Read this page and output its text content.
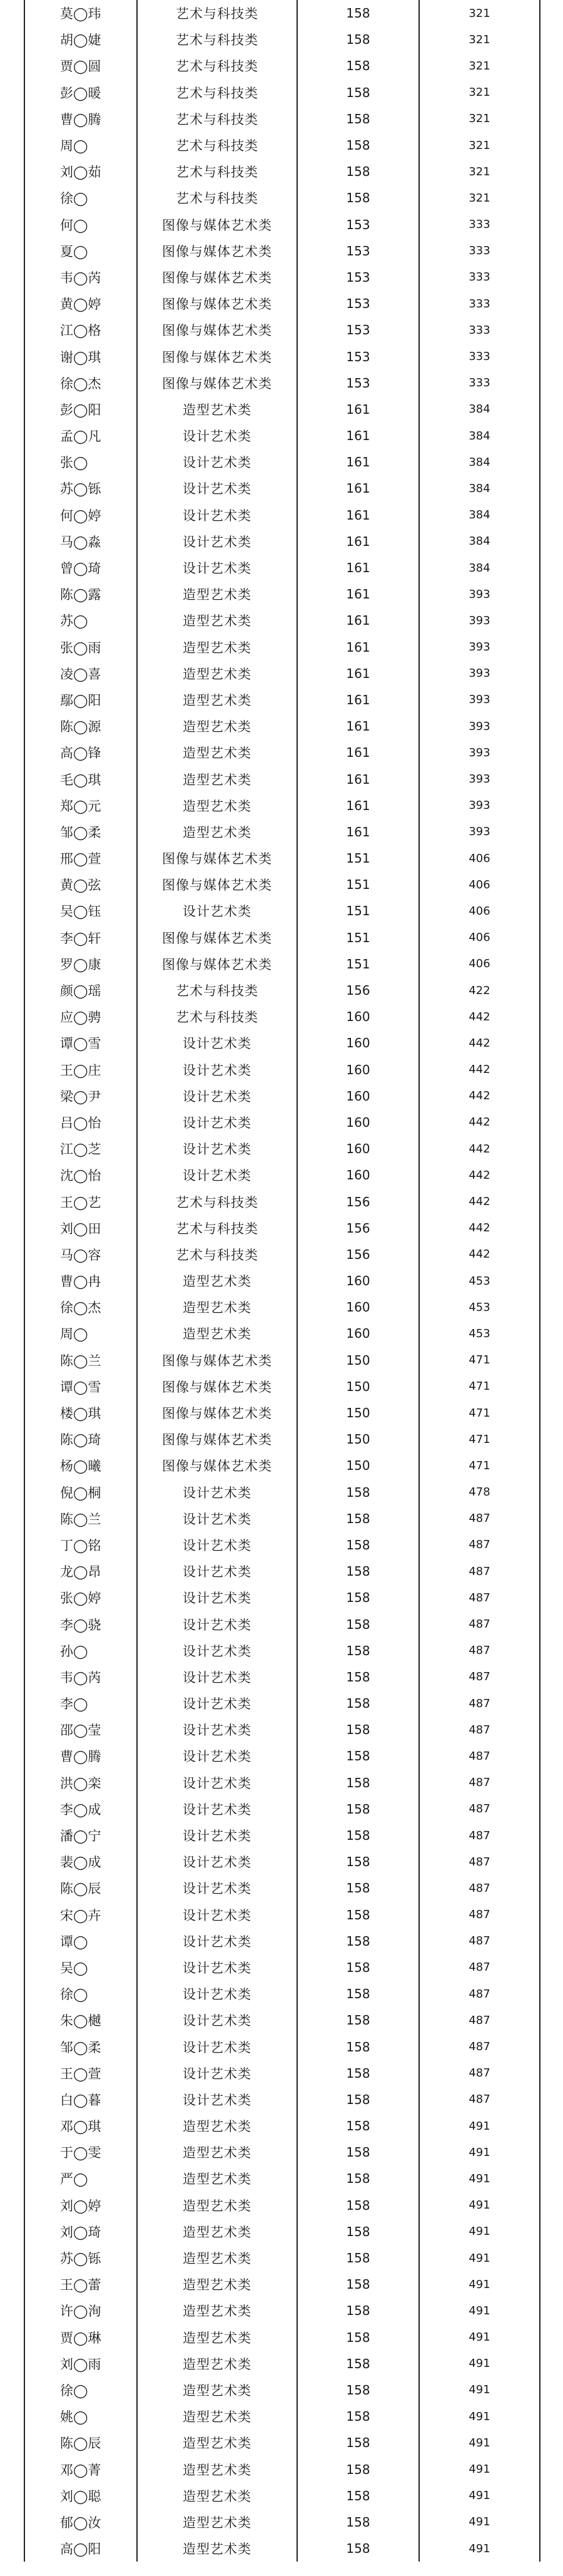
莫◯玮	艺术与科技类	158	321
胡◯婕	艺术与科技类	158	321
贾◯圆	艺术与科技类	158	321
彭◯暖	艺术与科技类	158	321
曹◯腾	艺术与科技类	158	321
周◯	艺术与科技类	158	321
刘◯茹	艺术与科技类	158	321
徐◯	艺术与科技类	158	321
何◯	图像与媒体艺术类	153	333
夏◯	图像与媒体艺术类	153	333
韦◯芮	图像与媒体艺术类	153	333
黄◯婷	图像与媒体艺术类	153	333
江◯格	图像与媒体艺术类	153	333
谢◯琪	图像与媒体艺术类	153	333
徐◯杰	图像与媒体艺术类	153	333
彭◯阳	造型艺术类	161	384
孟◯凡	设计艺术类	161	384
张◯	设计艺术类	161	384
苏◯铄	设计艺术类	161	384
何◯婷	设计艺术类	161	384
马◯淼	设计艺术类	161	384
曾◯琦	设计艺术类	161	384
陈◯露	造型艺术类	161	393
苏◯	造型艺术类	161	393
张◯雨	造型艺术类	161	393
凌◯喜	造型艺术类	161	393
鄢◯阳	造型艺术类	161	393
陈◯源	造型艺术类	161	393
高◯锋	造型艺术类	161	393
毛◯琪	造型艺术类	161	393
郑◯元	造型艺术类	161	393
邹◯柔	造型艺术类	161	393
邢◯萱	图像与媒体艺术类	151	406
黄◯弦	图像与媒体艺术类	151	406
吴◯钰	设计艺术类	151	406
李◯轩	图像与媒体艺术类	151	406
罗◯康	图像与媒体艺术类	151	406
颜◯瑶	艺术与科技类	156	422
应◯骋	艺术与科技类	160	442
谭◯雪	设计艺术类	160	442
王◯庄	设计艺术类	160	442
梁◯尹	设计艺术类	160	442
吕◯怡	设计艺术类	160	442
江◯芝	设计艺术类	160	442
沈◯怡	设计艺术类	160	442
王◯艺	艺术与科技类	156	442
刘◯田	艺术与科技类	156	442
马◯容	艺术与科技类	156	442
曹◯冉	造型艺术类	160	453
徐◯杰	造型艺术类	160	453
周◯	造型艺术类	160	453
陈◯兰	图像与媒体艺术类	150	471
谭◯雪	图像与媒体艺术类	150	471
楼◯琪	图像与媒体艺术类	150	471
陈◯琦	图像与媒体艺术类	150	471
杨◯曦	图像与媒体艺术类	150	471
倪◯桐	设计艺术类	158	478
陈◯兰	设计艺术类	158	487
丁◯铭	设计艺术类	158	487
龙◯昂	设计艺术类	158	487
张◯婷	设计艺术类	158	487
李◯骁	设计艺术类	158	487
孙◯	设计艺术类	158	487
韦◯芮	设计艺术类	158	487
李◯	设计艺术类	158	487
邵◯莹	设计艺术类	158	487
曹◯腾	设计艺术类	158	487
洪◯栾	设计艺术类	158	487
李◯成	设计艺术类	158	487
潘◯宁	设计艺术类	158	487
裴◯成	设计艺术类	158	487
陈◯辰	设计艺术类	158	487
宋◯卉	设计艺术类	158	487
谭◯	设计艺术类	158	487
吴◯	设计艺术类	158	487
徐◯	设计艺术类	158	487
朱◯樾	设计艺术类	158	487
邹◯柔	设计艺术类	158	487
王◯萱	设计艺术类	158	487
白◯暮	设计艺术类	158	487
邓◯琪	造型艺术类	158	491
于◯雯	造型艺术类	158	491
严◯	造型艺术类	158	491
刘◯婷	造型艺术类	158	491
刘◯琦	造型艺术类	158	491
苏◯铄	造型艺术类	158	491
王◯蕾	造型艺术类	158	491
许◯洵	造型艺术类	158	491
贾◯琳	造型艺术类	158	491
刘◯雨	造型艺术类	158	491
徐◯	造型艺术类	158	491
姚◯	造型艺术类	158	491
陈◯辰	造型艺术类	158	491
邓◯菁	造型艺术类	158	491
刘◯聪	造型艺术类	158	491
郁◯汝	造型艺术类	158	491
高◯阳	造型艺术类	158	491
